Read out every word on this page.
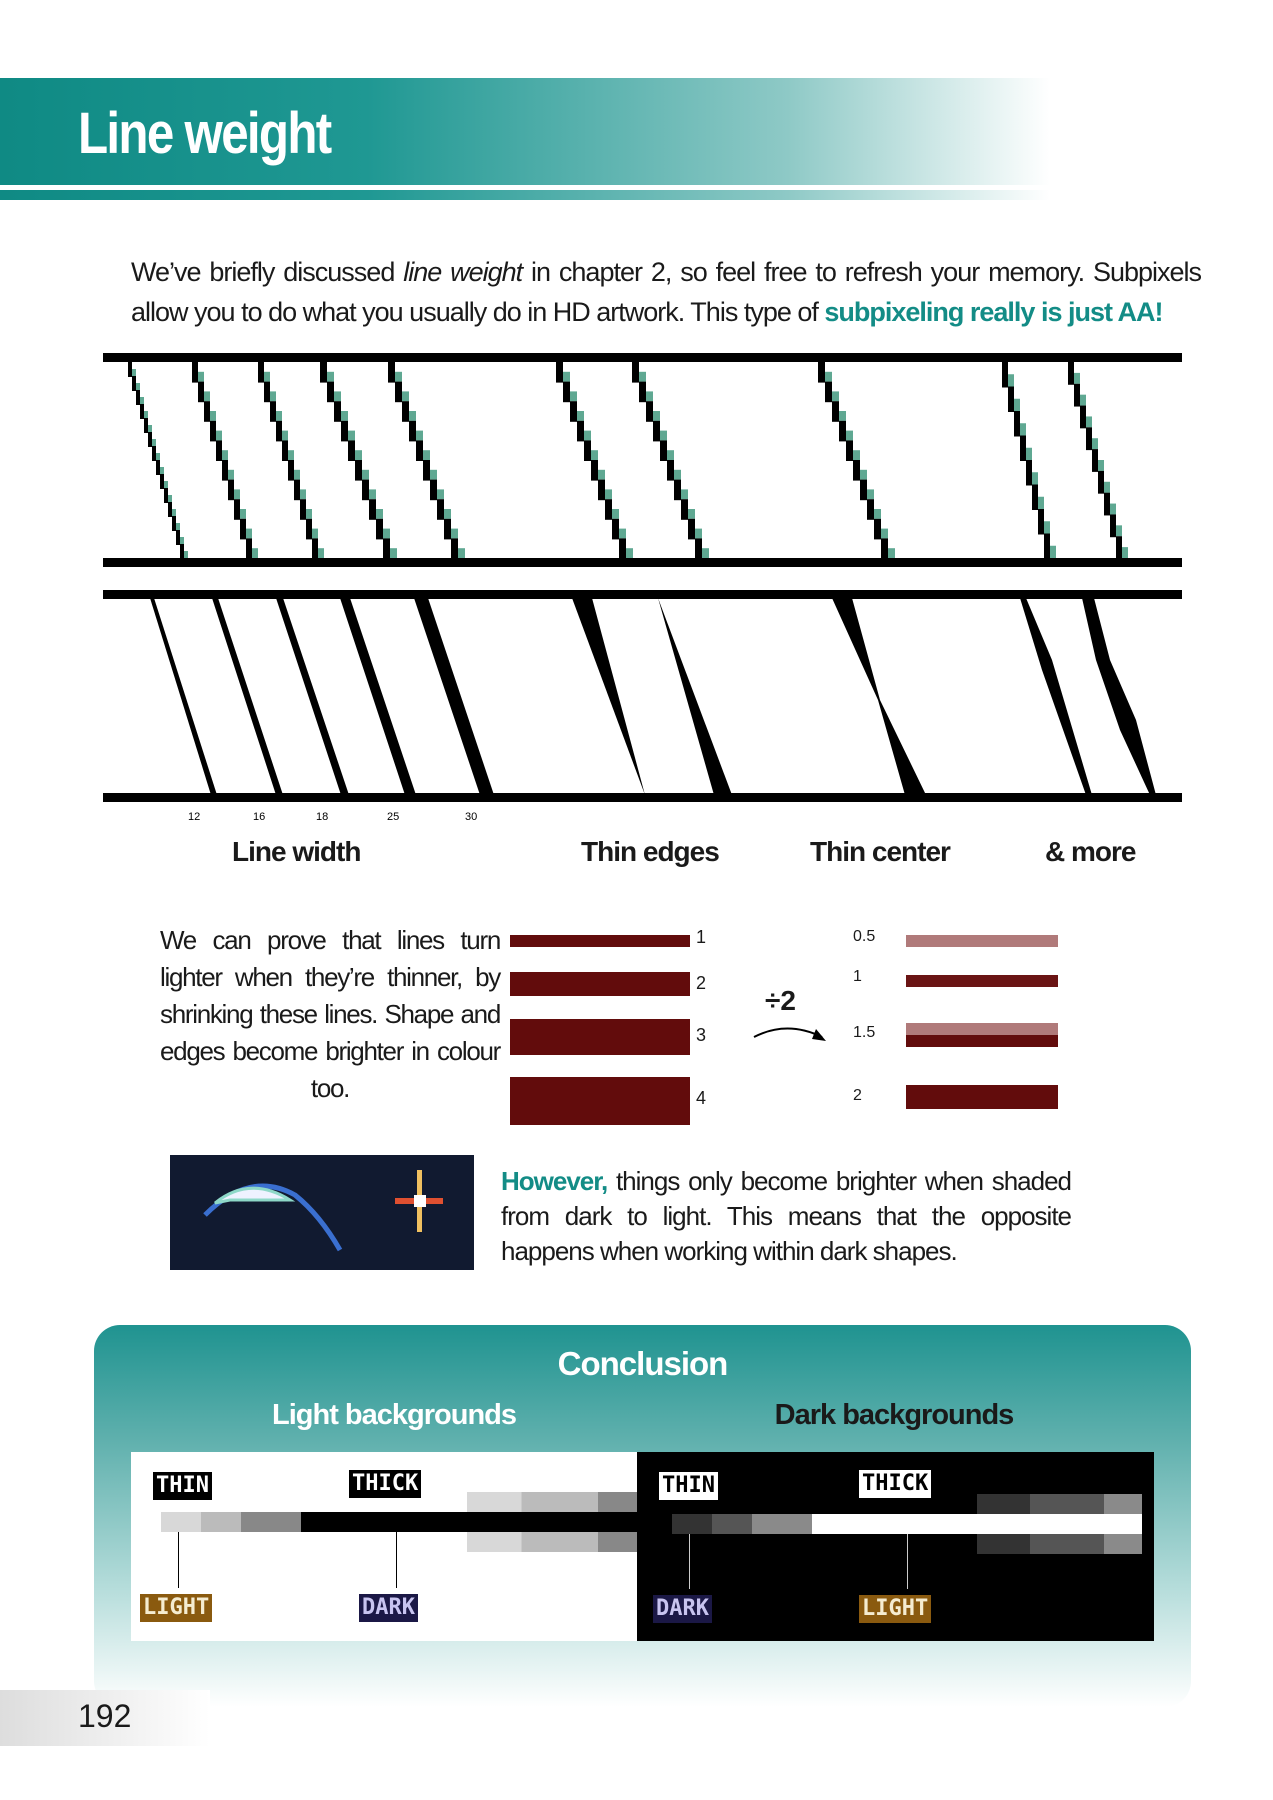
Line weight
We’ve briefly discussed line weight in chapter 2, so feel free to refresh your memory. Subpixels allow you to do what you usually do in HD artwork. This type of subpixeling really is just AA!
12	16	18	25	30
Line width	Thin edges	Thin center	& more
We can prove that lines turn lighter when they’re thinner, by shrinking these lines. Shape and edges become brighter in colour too.
1
2
3
4
÷2
0.5
1
1.5
2
However, things only become brighter when shaded from dark to light. This means that the opposite happens when working within dark shapes.
Conclusion
Light backgrounds	Dark backgrounds
THIN	THICK
LIGHT	DARK
THIN	THICK
DARK	LIGHT
192
